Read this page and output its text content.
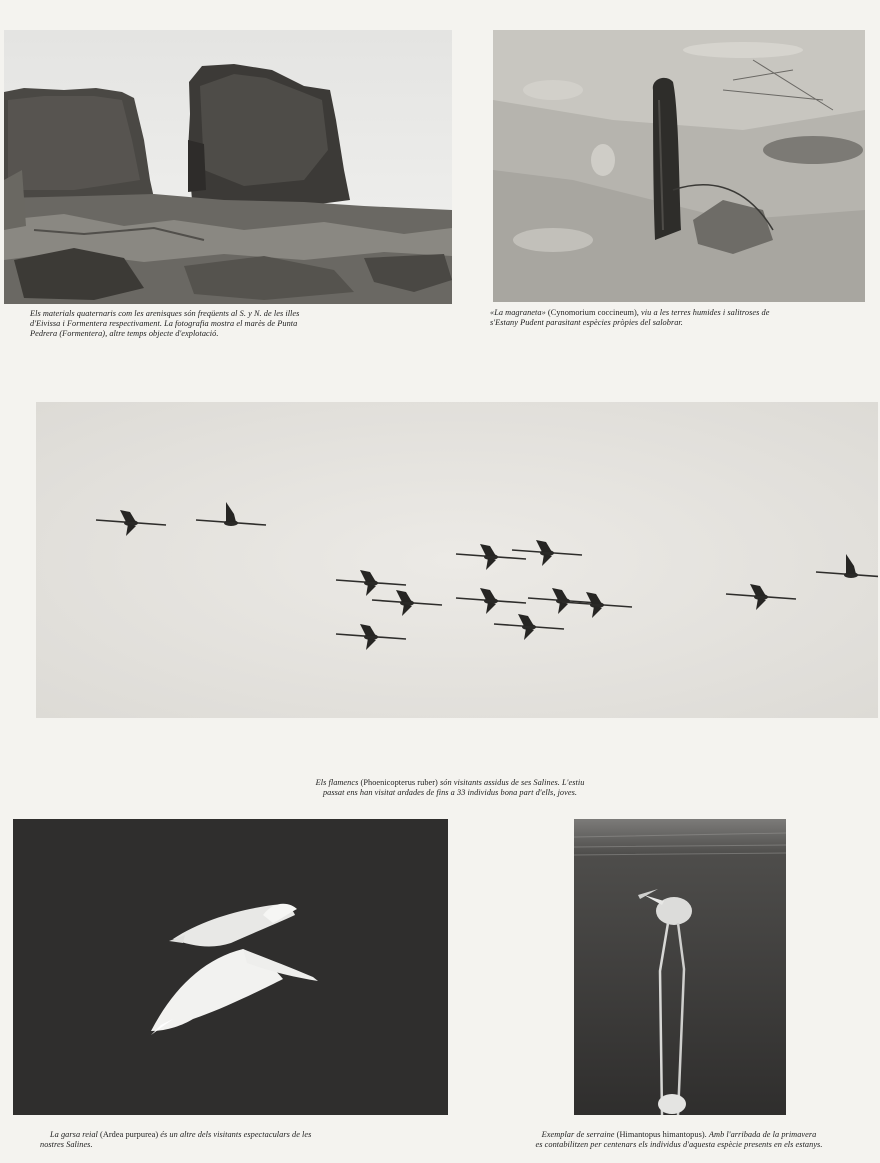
Els materials quaternaris com les arenisques són freqüents al S. y N. de les illes
d'Eivissa i Formentera respectivament. La fotografia mostra el marès de Punta
Pedrera (Formentera), altre temps objecte d'explotació.
«La magraneta» (Cynomorium coccineum), viu a les terres humides i salitroses de
s'Estany Pudent parasitant espècies pròpies del salobrar.
Els flamencs (Phoenicopterus ruber) són visitants assidus de ses Salines. L'estiu
passat ens han visitat ardades de fins a 33 individus bona part d'ells, joves.
La garsa reial (Ardea purpurea) és un altre dels visitants espectaculars de les
nostres Salines.
Exemplar de serraine (Himantopus himantopus). Amb l'arribada de la primavera
es contabilitzen per centenars els individus d'aquesta espècie presents en els estanys.
